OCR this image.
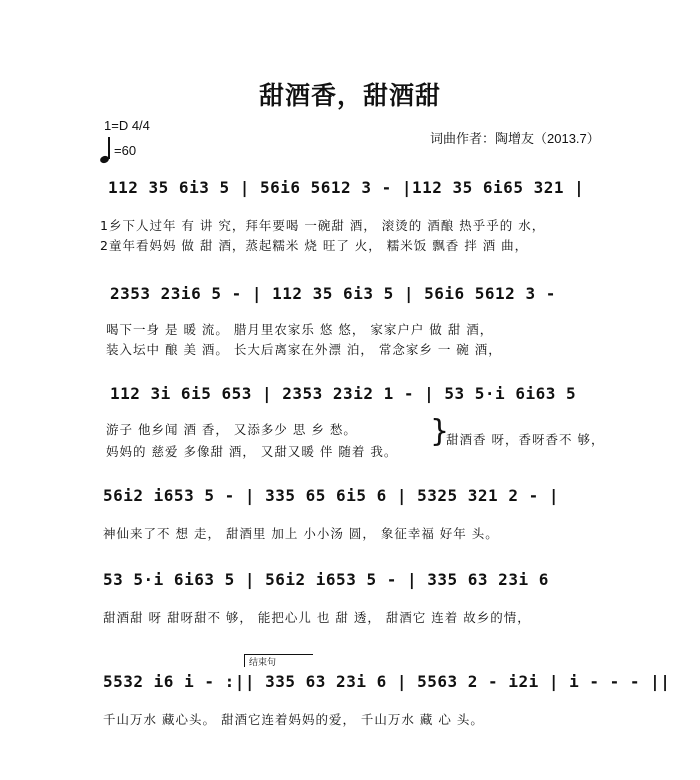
甜酒香，甜酒甜
1=D 4/4
=60
词曲作者：陶增友（2013.7）
112 35 6i3 5 | 56i6 5612 3 - |112 35 6i65 321 |
1乡下人过年 有 讲 究，拜年要喝 一碗甜 酒， 滚烫的 酒酿 热乎乎的 水，
2童年看妈妈 做 甜 酒，蒸起糯米 烧 旺了 火， 糯米饭 飘香 拌 酒 曲，
2353 23i6 5 - | 112 35 6i3 5 | 56i6 5612 3 -
喝下一身 是 暖 流。 腊月里农家乐 悠 悠， 家家户户 做 甜 酒，
装入坛中 酿 美 酒。 长大后离家在外漂 泊， 常念家乡 一 碗 酒，
112 3i 6i5 653 | 2353 23i2 1 - | 53 5·i 6i63 5
游子 他乡闻 酒 香， 又添多少 思 乡 愁。
妈妈的 慈爱 多像甜 酒， 又甜又暖 伴 随着 我。
}
甜酒香 呀，香呀香不 够，
56i2 i653 5 - | 335 65 6i5 6 | 5325 321 2 - |
神仙来了不 想 走， 甜酒里 加上 小小汤 圆， 象征幸福 好年 头。
53 5·i 6i63 5 | 56i2 i653 5 - | 335 63 23i 6
甜酒甜 呀 甜呀甜不 够， 能把心儿 也 甜 透， 甜酒它 连着 故乡的情，
结束句
5532 i6 i - :|| 335 63 23i 6 | 5563 2 - i2i | i - - - ||
千山万水 藏心头。 甜酒它连着妈妈的爱， 千山万水 藏 心 头。
